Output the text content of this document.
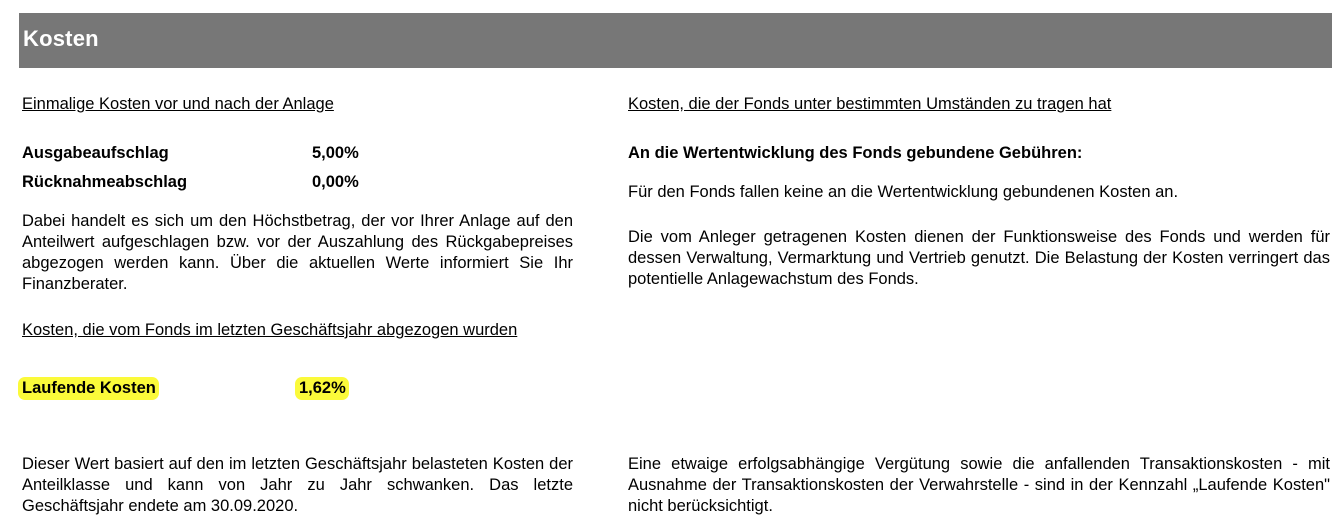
Kosten
Einmalige Kosten vor und nach der Anlage
Ausgabeaufschlag	5,00%
Rücknahmeabschlag	0,00%
Dabei handelt es sich um den Höchstbetrag, der vor Ihrer Anlage auf den Anteilwert aufgeschlagen bzw. vor der Auszahlung des Rückgabepreises abgezogen werden kann. Über die aktuellen Werte informiert Sie Ihr Finanzberater.
Kosten, die vom Fonds im letzten Geschäftsjahr abgezogen wurden
Laufende Kosten	1,62%
Dieser Wert basiert auf den im letzten Geschäftsjahr belasteten Kosten der Anteilklasse und kann von Jahr zu Jahr schwanken. Das letzte Geschäftsjahr endete am 30.09.2020.
Kosten, die der Fonds unter bestimmten Umständen zu tragen hat
An die Wertentwicklung des Fonds gebundene Gebühren:
Für den Fonds fallen keine an die Wertentwicklung gebundenen Kosten an.
Die vom Anleger getragenen Kosten dienen der Funktionsweise des Fonds und werden für dessen Verwaltung, Vermarktung und Vertrieb genutzt. Die Belastung der Kosten verringert das potentielle Anlagewachstum des Fonds.
Eine etwaige erfolgsabhängige Vergütung sowie die anfallenden Transaktionskosten - mit Ausnahme der Transaktionskosten der Verwahrstelle - sind in der Kennzahl „Laufende Kosten" nicht berücksichtigt.
